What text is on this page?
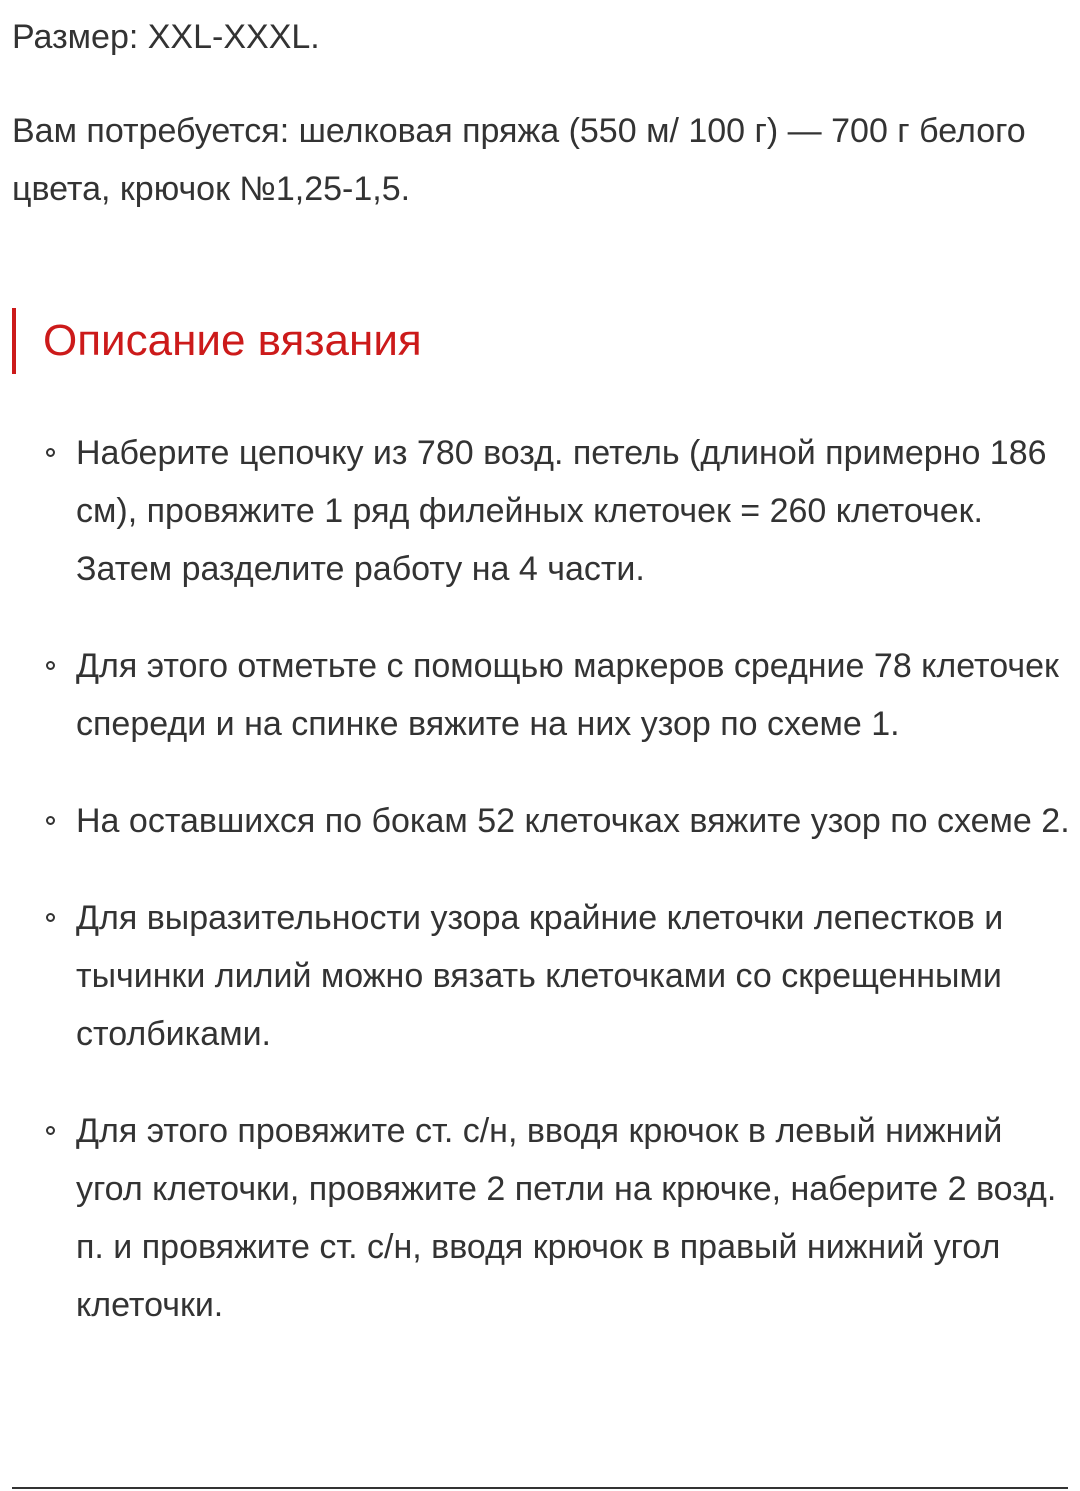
Размер: XXL-XXXL.

Вам потребуется: шелковая пряжа (550 м/ 100 г) — 700 г белого цвета, крючок №1,25-1,5.

Описание вязания
Наберите цепочку из 780 возд. петель (длиной примерно 186 см), провяжите 1 ряд филейных клеточек = 260 клеточек. Затем разделите работу на 4 части.
Для этого отметьте с помощью маркеров средние 78 клеточек спереди и на спинке вяжите на них узор по схеме 1.
На оставшихся по бокам 52 клеточках вяжите узор по схеме 2.
Для выразительности узора крайние клеточки лепестков и тычинки лилий можно вязать клеточками со скрещенными столбиками.
Для этого провяжите ст. с/н, вводя крючок в левый нижний угол клеточки, провяжите 2 петли на крючке, наберите 2 возд. п. и провяжите ст. с/н, вводя крючок в правый нижний угол клеточки.
